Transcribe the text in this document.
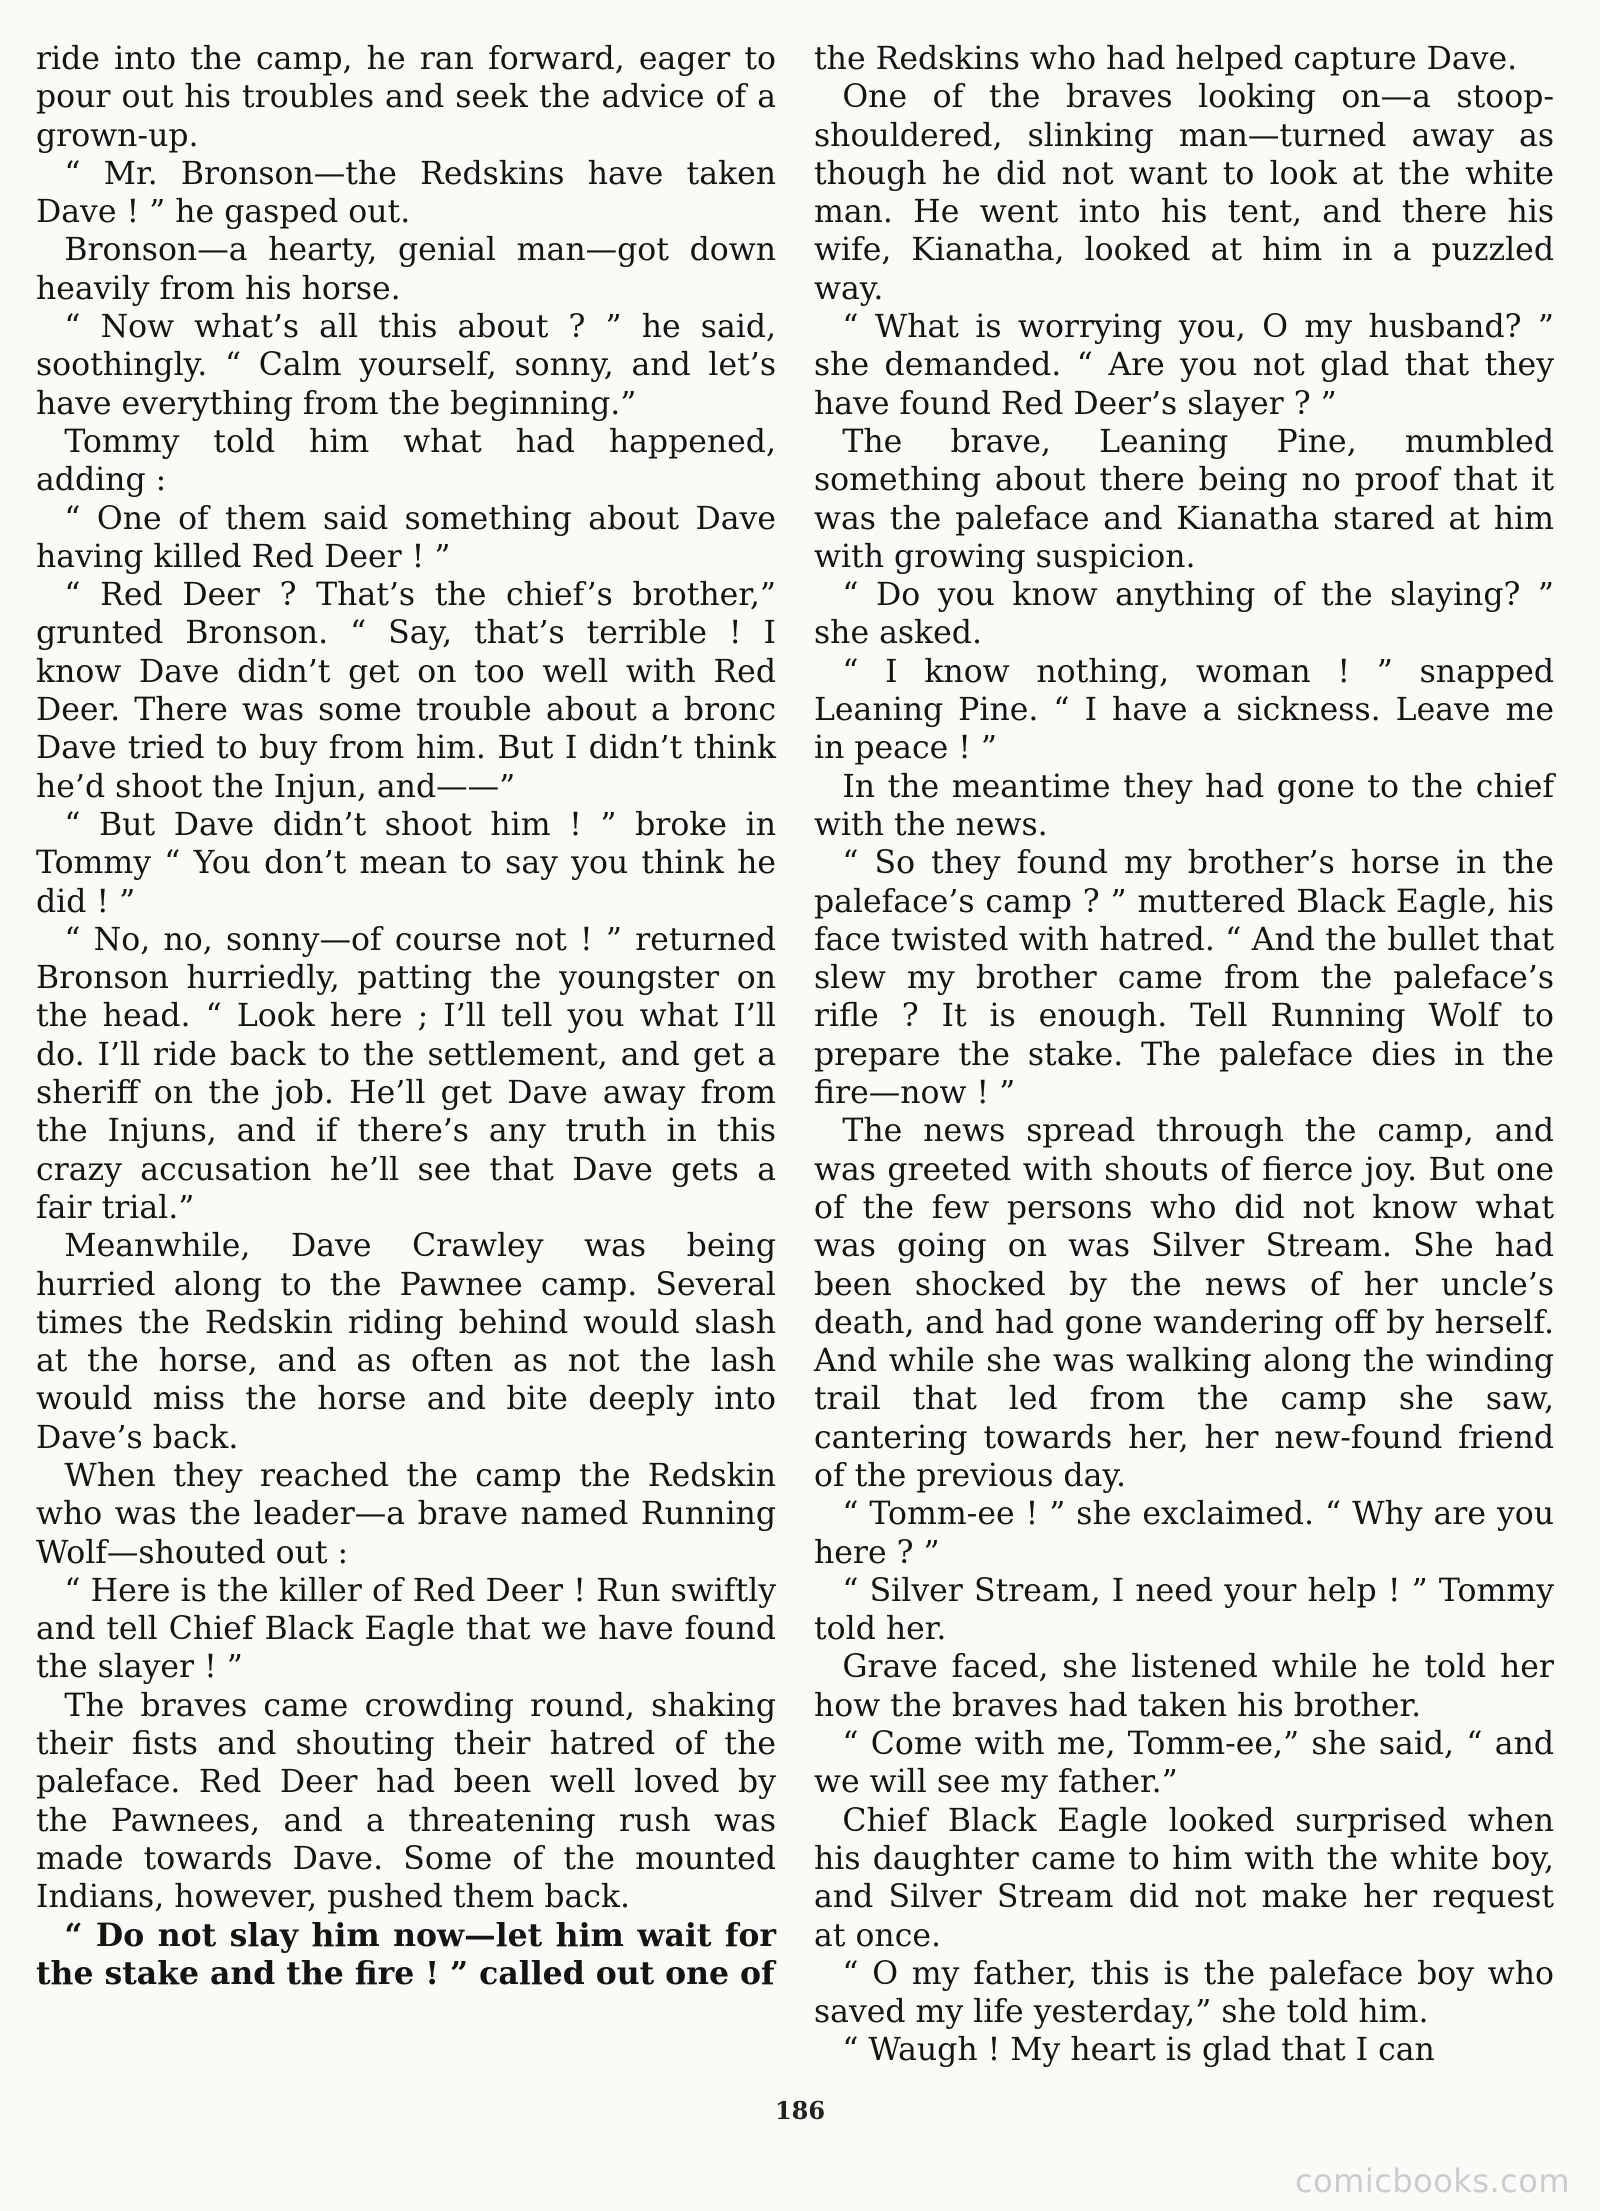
ride into the camp, he ran forward, eager to pour out his troubles and seek the advice of a grown-up.

“ Mr. Bronson—the Redskins have taken Dave ! ” he gasped out.

Bronson—a hearty, genial man—got down heavily from his horse.

“ Now what’s all this about ? ” he said, soothingly. “ Calm yourself, sonny, and let’s have everything from the beginning.”

Tommy told him what had happened, adding :

“ One of them said something about Dave having killed Red Deer ! ”

“ Red Deer ? That’s the chief’s brother,” grunted Bronson. “ Say, that’s terrible ! I know Dave didn’t get on too well with Red Deer. There was some trouble about a bronc Dave tried to buy from him. But I didn’t think he’d shoot the Injun, and——”

“ But Dave didn’t shoot him ! ” broke in Tommy “ You don’t mean to say you think he did ! ”

“ No, no, sonny—of course not ! ” returned Bronson hurriedly, patting the youngster on the head. “ Look here ; I’ll tell you what I’ll do. I’ll ride back to the settlement, and get a sheriff on the job. He’ll get Dave away from the Injuns, and if there’s any truth in this crazy accusation he’ll see that Dave gets a fair trial.”

Meanwhile, Dave Crawley was being hurried along to the Pawnee camp. Several times the Redskin riding behind would slash at the horse, and as often as not the lash would miss the horse and bite deeply into Dave’s back.

When they reached the camp the Redskin who was the leader—a brave named Running Wolf—shouted out :

“ Here is the killer of Red Deer ! Run swiftly and tell Chief Black Eagle that we have found the slayer ! ”

The braves came crowding round, shaking their fists and shouting their hatred of the paleface. Red Deer had been well loved by the Pawnees, and a threatening rush was made towards Dave. Some of the mounted Indians, however, pushed them back.

“ Do not slay him now—let him wait for the stake and the fire ! ” called out one of

the Redskins who had helped capture Dave.

One of the braves looking on—a stoop-shouldered, slinking man—turned away as though he did not want to look at the white man. He went into his tent, and there his wife, Kianatha, looked at him in a puzzled way.

“ What is worrying you, O my husband? ” she demanded. “ Are you not glad that they have found Red Deer’s slayer ? ”

The brave, Leaning Pine, mumbled something about there being no proof that it was the paleface and Kianatha stared at him with growing suspicion.

“ Do you know anything of the slaying? ” she asked.

“ I know nothing, woman ! ” snapped Leaning Pine. “ I have a sickness. Leave me in peace ! ”

In the meantime they had gone to the chief with the news.

“ So they found my brother’s horse in the paleface’s camp ? ” muttered Black Eagle, his face twisted with hatred. “ And the bullet that slew my brother came from the paleface’s rifle ? It is enough. Tell Running Wolf to prepare the stake. The paleface dies in the fire—now ! ”

The news spread through the camp, and was greeted with shouts of fierce joy. But one of the few persons who did not know what was going on was Silver Stream. She had been shocked by the news of her uncle’s death, and had gone wandering off by herself. And while she was walking along the winding trail that led from the camp she saw, cantering towards her, her new-found friend of the previous day.

“ Tomm-ee ! ” she exclaimed. “ Why are you here ? ”

“ Silver Stream, I need your help ! ” Tommy told her.

Grave faced, she listened while he told her how the braves had taken his brother.

“ Come with me, Tomm-ee,” she said, “ and we will see my father.”

Chief Black Eagle looked surprised when his daughter came to him with the white boy, and Silver Stream did not make her request at once.

“ O my father, this is the paleface boy who saved my life yesterday,” she told him.

“ Waugh ! My heart is glad that I can

186
comicbooks.com
